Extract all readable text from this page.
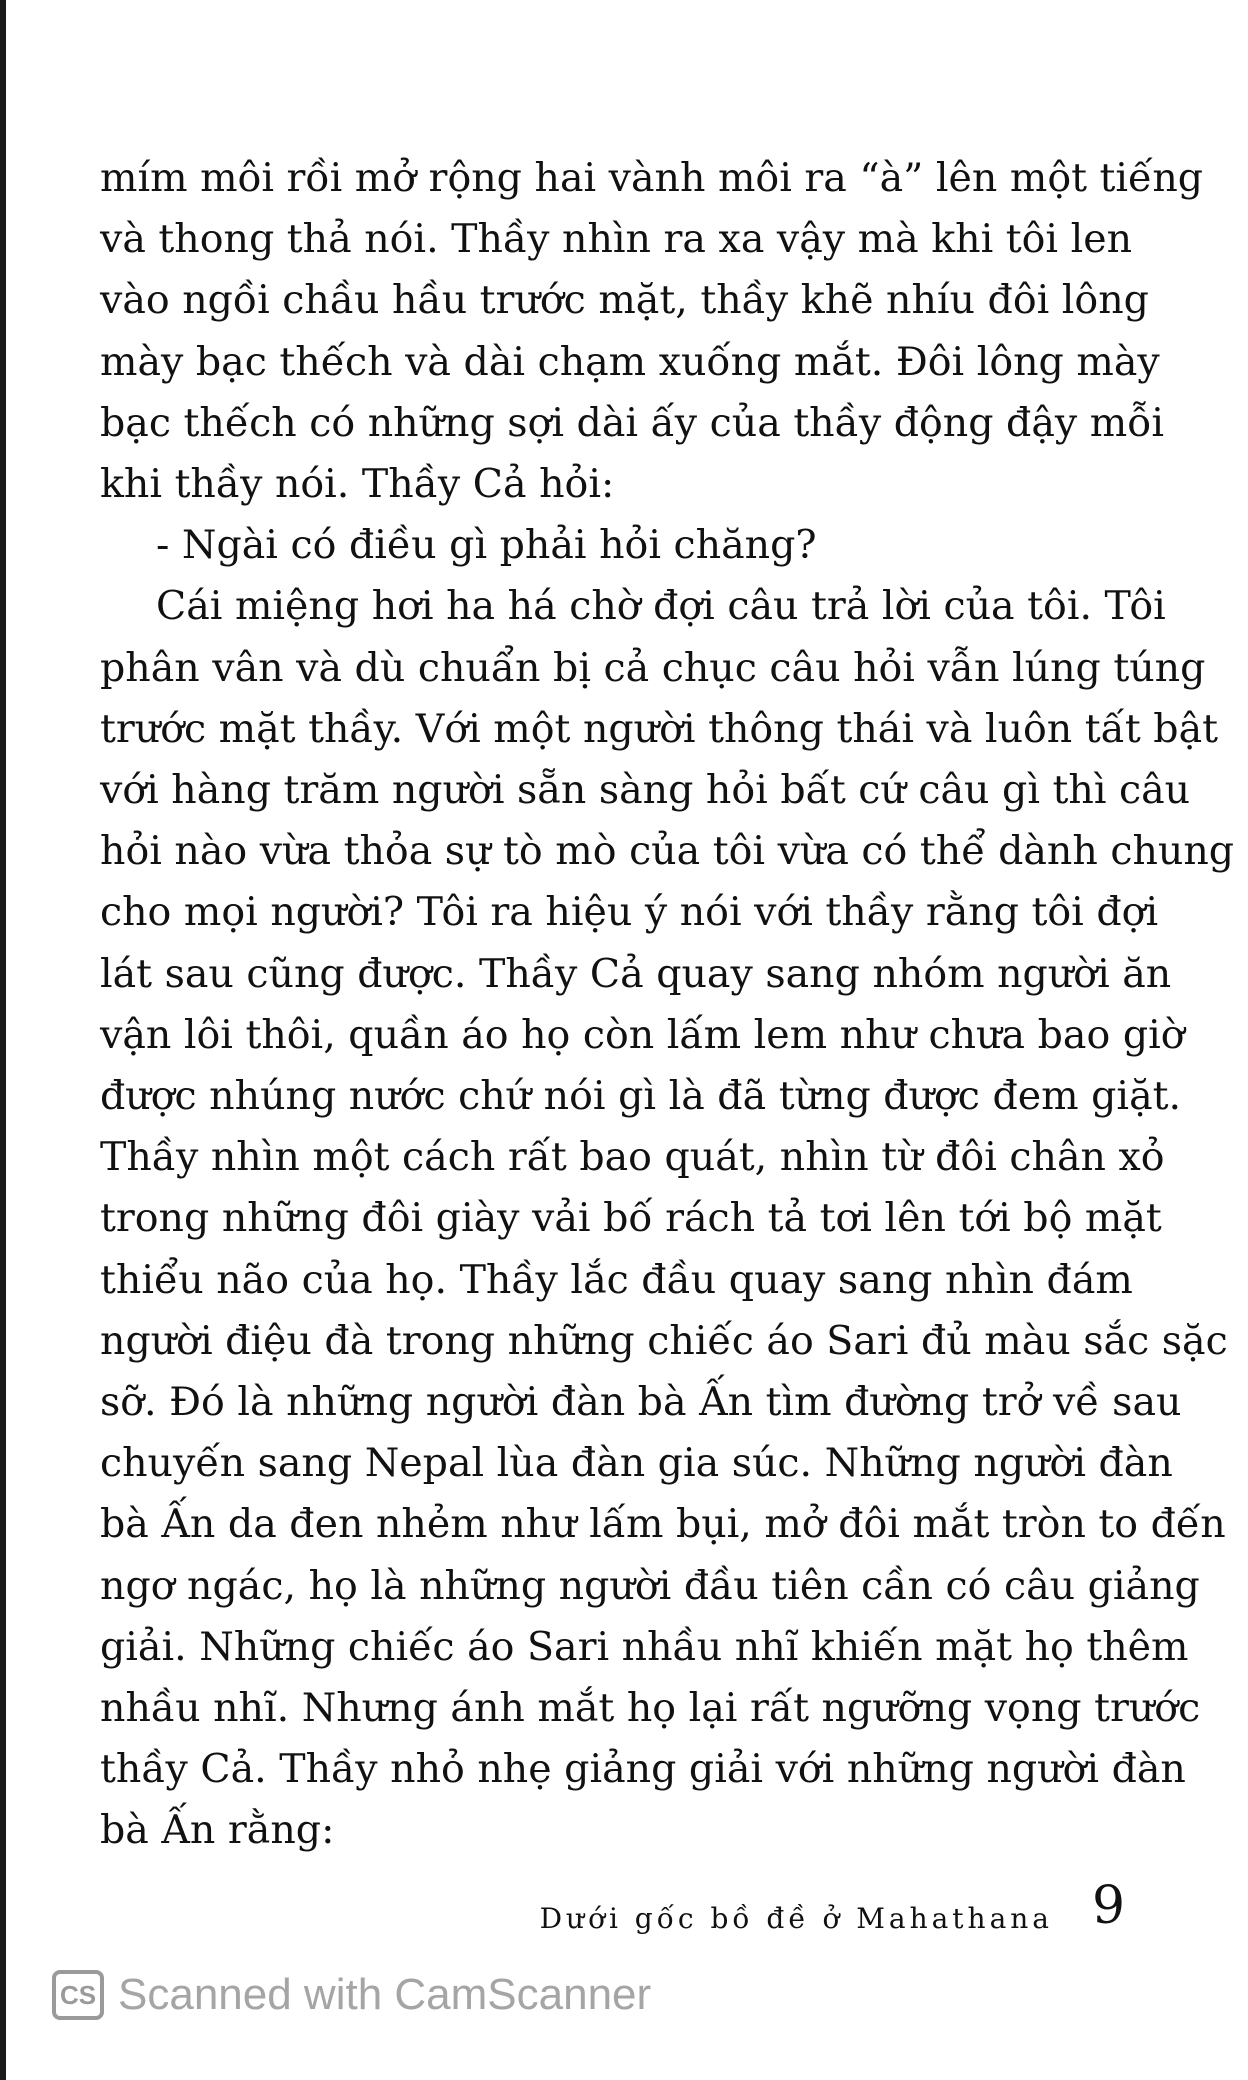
mím môi rồi mở rộng hai vành môi ra “à” lên một tiếng
và thong thả nói. Thầy nhìn ra xa vậy mà khi tôi len
vào ngồi chầu hầu trước mặt, thầy khẽ nhíu đôi lông
mày bạc thếch và dài chạm xuống mắt. Đôi lông mày
bạc thếch có những sợi dài ấy của thầy động đậy mỗi
khi thầy nói. Thầy Cả hỏi:
- Ngài có điều gì phải hỏi chăng?
Cái miệng hơi ha há chờ đợi câu trả lời của tôi. Tôi
phân vân và dù chuẩn bị cả chục câu hỏi vẫn lúng túng
trước mặt thầy. Với một người thông thái và luôn tất bật
với hàng trăm người sẵn sàng hỏi bất cứ câu gì thì câu
hỏi nào vừa thỏa sự tò mò của tôi vừa có thể dành chung
cho mọi người? Tôi ra hiệu ý nói với thầy rằng tôi đợi
lát sau cũng được. Thầy Cả quay sang nhóm người ăn
vận lôi thôi, quần áo họ còn lấm lem như chưa bao giờ
được nhúng nước chứ nói gì là đã từng được đem giặt.
Thầy nhìn một cách rất bao quát, nhìn từ đôi chân xỏ
trong những đôi giày vải bố rách tả tơi lên tới bộ mặt
thiểu não của họ. Thầy lắc đầu quay sang nhìn đám
người điệu đà trong những chiếc áo Sari đủ màu sắc sặc
sỡ. Đó là những người đàn bà Ấn tìm đường trở về sau
chuyến sang Nepal lùa đàn gia súc. Những người đàn
bà Ấn da đen nhẻm như lấm bụi, mở đôi mắt tròn to đến
ngơ ngác, họ là những người đầu tiên cần có câu giảng
giải. Những chiếc áo Sari nhầu nhĩ khiến mặt họ thêm
nhầu nhĩ. Nhưng ánh mắt họ lại rất ngưỡng vọng trước
thầy Cả. Thầy nhỏ nhẹ giảng giải với những người đàn
bà Ấn rằng:
Dưới gốc bồ đề ở Mahathana 9
CS Scanned with CamScanner
